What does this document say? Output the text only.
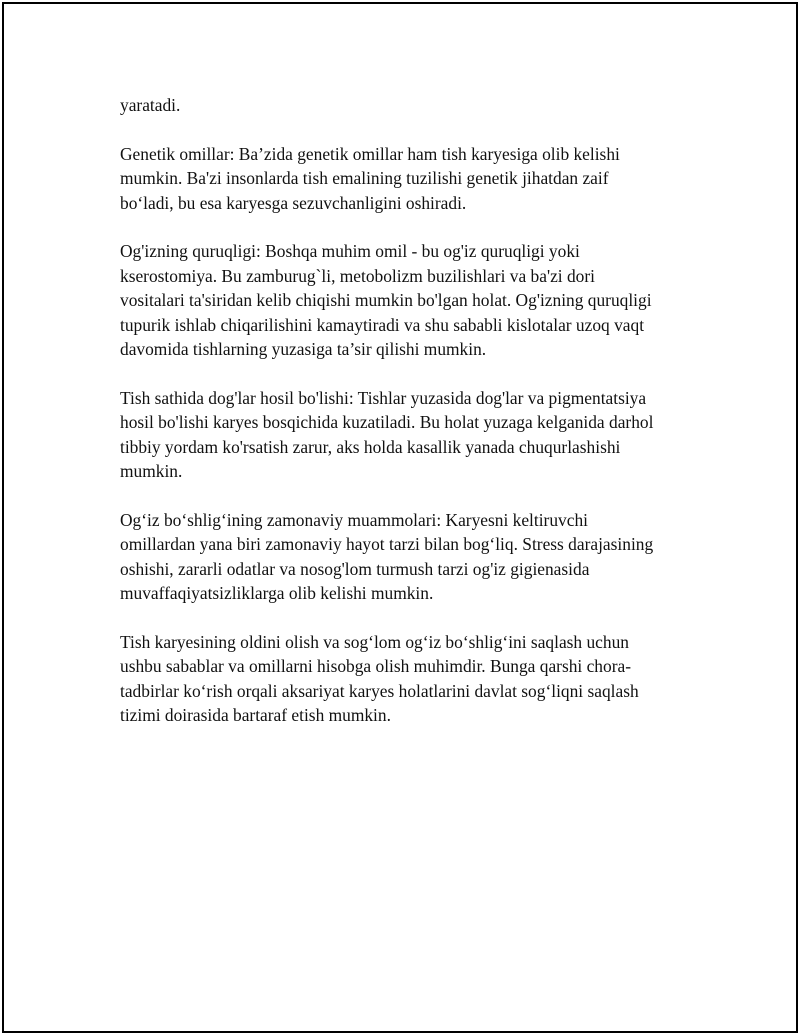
yaratadi.

Genetik omillar: Ba’zida genetik omillar ham tish karyesiga olib kelishi
mumkin. Ba'zi insonlarda tish emalining tuzilishi genetik jihatdan zaif
bo‘ladi, bu esa karyesga sezuvchanligini oshiradi.

Og'izning quruqligi: Boshqa muhim omil - bu og'iz quruqligi yoki
kserostomiya. Bu zamburug`li, metobolizm buzilishlari va ba'zi dori
vositalari ta'siridan kelib chiqishi mumkin bo'lgan holat. Og'izning quruqligi
tupurik ishlab chiqarilishini kamaytiradi va shu sababli kislotalar uzoq vaqt
davomida tishlarning yuzasiga ta’sir qilishi mumkin.

Tish sathida dog'lar hosil bo'lishi: Tishlar yuzasida dog'lar va pigmentatsiya
hosil bo'lishi karyes bosqichida kuzatiladi. Bu holat yuzaga kelganida darhol
tibbiy yordam ko'rsatish zarur, aks holda kasallik yanada chuqurlashishi
mumkin.

Og‘iz bo‘shlig‘ining zamonaviy muammolari: Karyesni keltiruvchi
omillardan yana biri zamonaviy hayot tarzi bilan bog‘liq. Stress darajasining
oshishi, zararli odatlar va nosog'lom turmush tarzi og'iz gigienasida
muvaffaqiyatsizliklarga olib kelishi mumkin.

Tish karyesining oldini olish va sog‘lom og‘iz bo‘shlig‘ini saqlash uchun
ushbu sabablar va omillarni hisobga olish muhimdir. Bunga qarshi chora-
tadbirlar ko‘rish orqali aksariyat karyes holatlarini davlat sog‘liqni saqlash
tizimi doirasida bartaraf etish mumkin.
